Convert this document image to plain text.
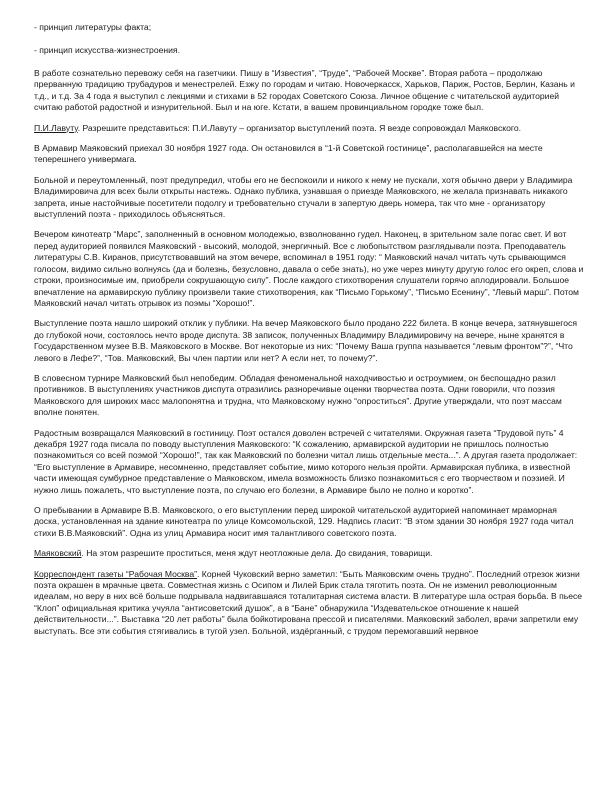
- принцип литературы факта;

- принцип искусства-жизнестроения.

В работе сознательно перевожу себя на газетчики. Пишу в “Известия”, “Труде”, “Рабочей Москве”. Вторая работа – продолжаю прерванную традицию трубадуров и менестрелей. Езжу по городам и читаю. Новочеркасск, Харьков, Париж, Ростов, Берлин, Казань и т.д., и т.д. За 4 года я выступил с лекциями и стихами в 52 городах Советского Союза. Личное общение с читательской аудиторией считаю работой радостной и изнурительной. Был и на юге. Кстати, в вашем провинциальном городке тоже был.

П.И.Лавуту. Разрешите представиться: П.И.Лавуту – организатор выступлений поэта. Я везде сопровождал Маяковского.

В Армавир Маяковский приехал 30 ноября 1927 года. Он остановился в “1-й Советской гостинице”, располагавшейся на месте теперешнего универмага.

Больной и переутомленный, поэт предупредил, чтобы его не беспокоили и никого к нему не пускали, хотя обычно двери у Владимира Владимировича для всех были открыты настежь. Однако публика, узнавшая о приезде Маяковского, не желала признавать никакого запрета, иные настойчивые посетители подолгу и требовательно стучали в запертую дверь номера, так что мне - организатору выступлений поэта - приходилось объясняться.

Вечером кинотеатр “Марс”, заполненный в основном молодежью, взволнованно гудел. Наконец, в зрительном зале погас свет. И вот перед аудиторией появился Маяковский - высокий, молодой, энергичный. Все с любопытством разглядывали поэта. Преподаватель литературы С.В. Киранов, присутствовавший на этом вечере, вспоминал в 1951 году: “ Маяковский начал читать чуть срывающимся голосом, видимо сильно волнуясь (да и болезнь, безусловно, давала о себе знать), но уже через минуту другую голос его окреп, слова и строки, произносимые им, приобрели сокрушающую силу”. После каждого стихотворения слушатели горячо аплодировали. Большое впечатление на армавирскую публику произвели такие стихотворения, как “Письмо Горькому”, “Письмо Есенину”, “Левый марш”. Потом Маяковский начал читать отрывок из поэмы “Хорошо!”.

Выступление поэта нашло широкий отклик у публики. На вечер Маяковского было продано 222 билета. В конце вечера, затянувшегося до глубокой ночи, состоялось нечто вроде диспута. 38 записок, полученных Владимиру Владимировичу на вечере, ныне хранятся в Государственном музее В.В. Маяковского в Москве. Вот некоторые из них: “Почему Ваша группа называется “левым фронтом”?”, “Что левого в Лефе?”, “Тов. Маяковский, Вы член партии или нет? А если нет, то почему?”.

В словесном турнире Маяковский был непобедим. Обладая феноменальной находчивостью и остроумием, он беспощадно разил противников. В выступлениях участников диспута отразились разноречивые оценки творчества поэта. Одни говорили, что поэзия Маяковского для широких масс малопонятна и трудна, что Маяковскому нужно “опроститься”. Другие утверждали, что поэт массам вполне понятен.

Радостным возвращался Маяковский в гостиницу. Поэт остался доволен встречей с читателями. Окружная газета “Трудовой путь” 4 декабря 1927 года писала по поводу выступления Маяковского: “К сожалению, армавирской аудитории не пришлось полностью познакомиться со всей поэмой “Хорошо!”, так как Маяковский по болезни читал лишь отдельные места...”. А другая газета продолжает: “Его выступление в Армавире, несомненно, представляет событие, мимо которого нельзя пройти. Армавирская публика, в известной части имеющая сумбурное представление о Маяковском, имела возможность близко познакомиться с его творчеством и поэзией. И нужно лишь пожалеть, что выступление поэта, по случаю его болезни, в Армавире было не полно и коротко”.

О пребывании в Армавире В.В. Маяковского, о его выступлении перед широкой читательской аудиторией напоминает мраморная доска, установленная на здание кинотеатра по улице Комсомольской, 129. Надпись гласит: “В этом здании 30 ноября 1927 года читал стихи В.В.Маяковский”. Одна из улиц Армавира носит имя талантливого советского поэта.

Маяковский. На этом разрешите проститься, меня ждут неотложные дела. До свидания, товарищи.

Корреспондент газеты “Рабочая Москва”. Корней Чуковский верно заметил: “Быть Маяковским очень трудно”. Последний отрезок жизни поэта окрашен в мрачные цвета. Совместная жизнь с Осипом и Лилей Брик стала тяготить поэта. Он не изменил революционным идеалам, но веру в них всё больше подрывала надвигавшаяся тоталитарная система власти. В литературе шла острая борьба. В пьесе “Клоп” официальная критика учуяла “антисоветский душок”, а в “Бане” обнаружила “Издевательское отношение к нашей действительности...”. Выставка “20 лет работы” была бойкотирована прессой и писателями. Маяковский заболел, врачи запретили ему выступать. Все эти события стягивались в тугой узел. Больной, издёрганный, с трудом перемогавший нервное
